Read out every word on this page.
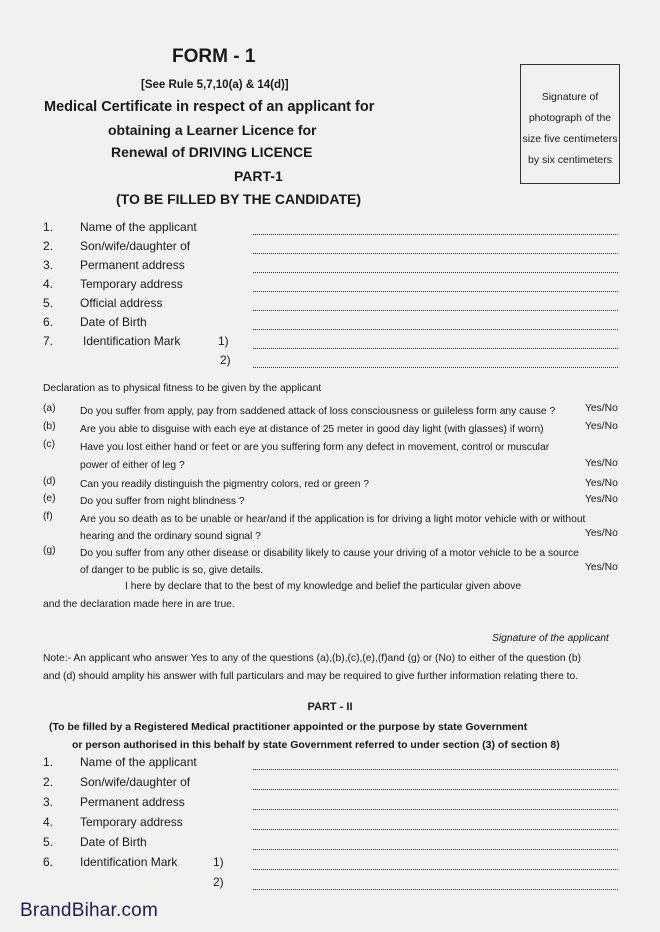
FORM - 1
[See Rule 5,7,10(a) & 14(d)]
Medical Certificate in respect of an applicant for
obtaining a Learner Licence for
Renewal of DRIVING LICENCE
PART-1
(TO BE FILLED BY THE CANDIDATE)
Signature of
photograph of the
size five centimeters
by six centimeters
1. Name of the applicant
2. Son/wife/daughter of
3. Permanent address
4. Temporary address
5. Official address
6. Date of Birth
7. Identification Mark	1)
2)
Declaration as to physical fitness to be given by the applicant
(a) Do you suffer from apply, pay from saddened attack of loss consciousness or guileless form any cause ?	Yes/No
(b) Are you able to disguise with each eye at distance of 25 meter in good day light (with glasses) if worn)	Yes/No
(c) Have you lost either hand or feet or are you suffering form any defect in movement, control or muscular
power of either of leg ?	Yes/No
(d) Can you readily distinguish the pigmentry colors, red or green ?	Yes/No
(e) Do you suffer from night blindness ?	Yes/No
(f)	Are you so death as to be unable or hear/and if the application is for driving a light motor vehicle with or without
hearing and the ordinary sound signal ?	Yes/No
(g) Do you suffer from any other disease or disability likely to cause your driving of a motor vehicle to be a source
of danger to be public is so, give details.	Yes/No
I here by declare that to the best of my knowledge and belief the particular given above
and the declaration made here in are true.
Signature of the applicant
Note:- An applicant who answer Yes to any of the questions (a),(b),(c),(e),(f)and (g) or (No) to either of the question (b)
and (d) should amplity his answer with full particulars and may be required to give further information relating there to.
PART - II
(To be filled by a Registered Medical practitioner appointed or the purpose by state Government
or person authorised in this behalf by state Government referred to under section (3) of section 8)
1. Name of the applicant
2. Son/wife/daughter of
3. Permanent address
4. Temporary address
5. Date of Birth
6. Identification Mark	1)
2)
BrandBihar.com
